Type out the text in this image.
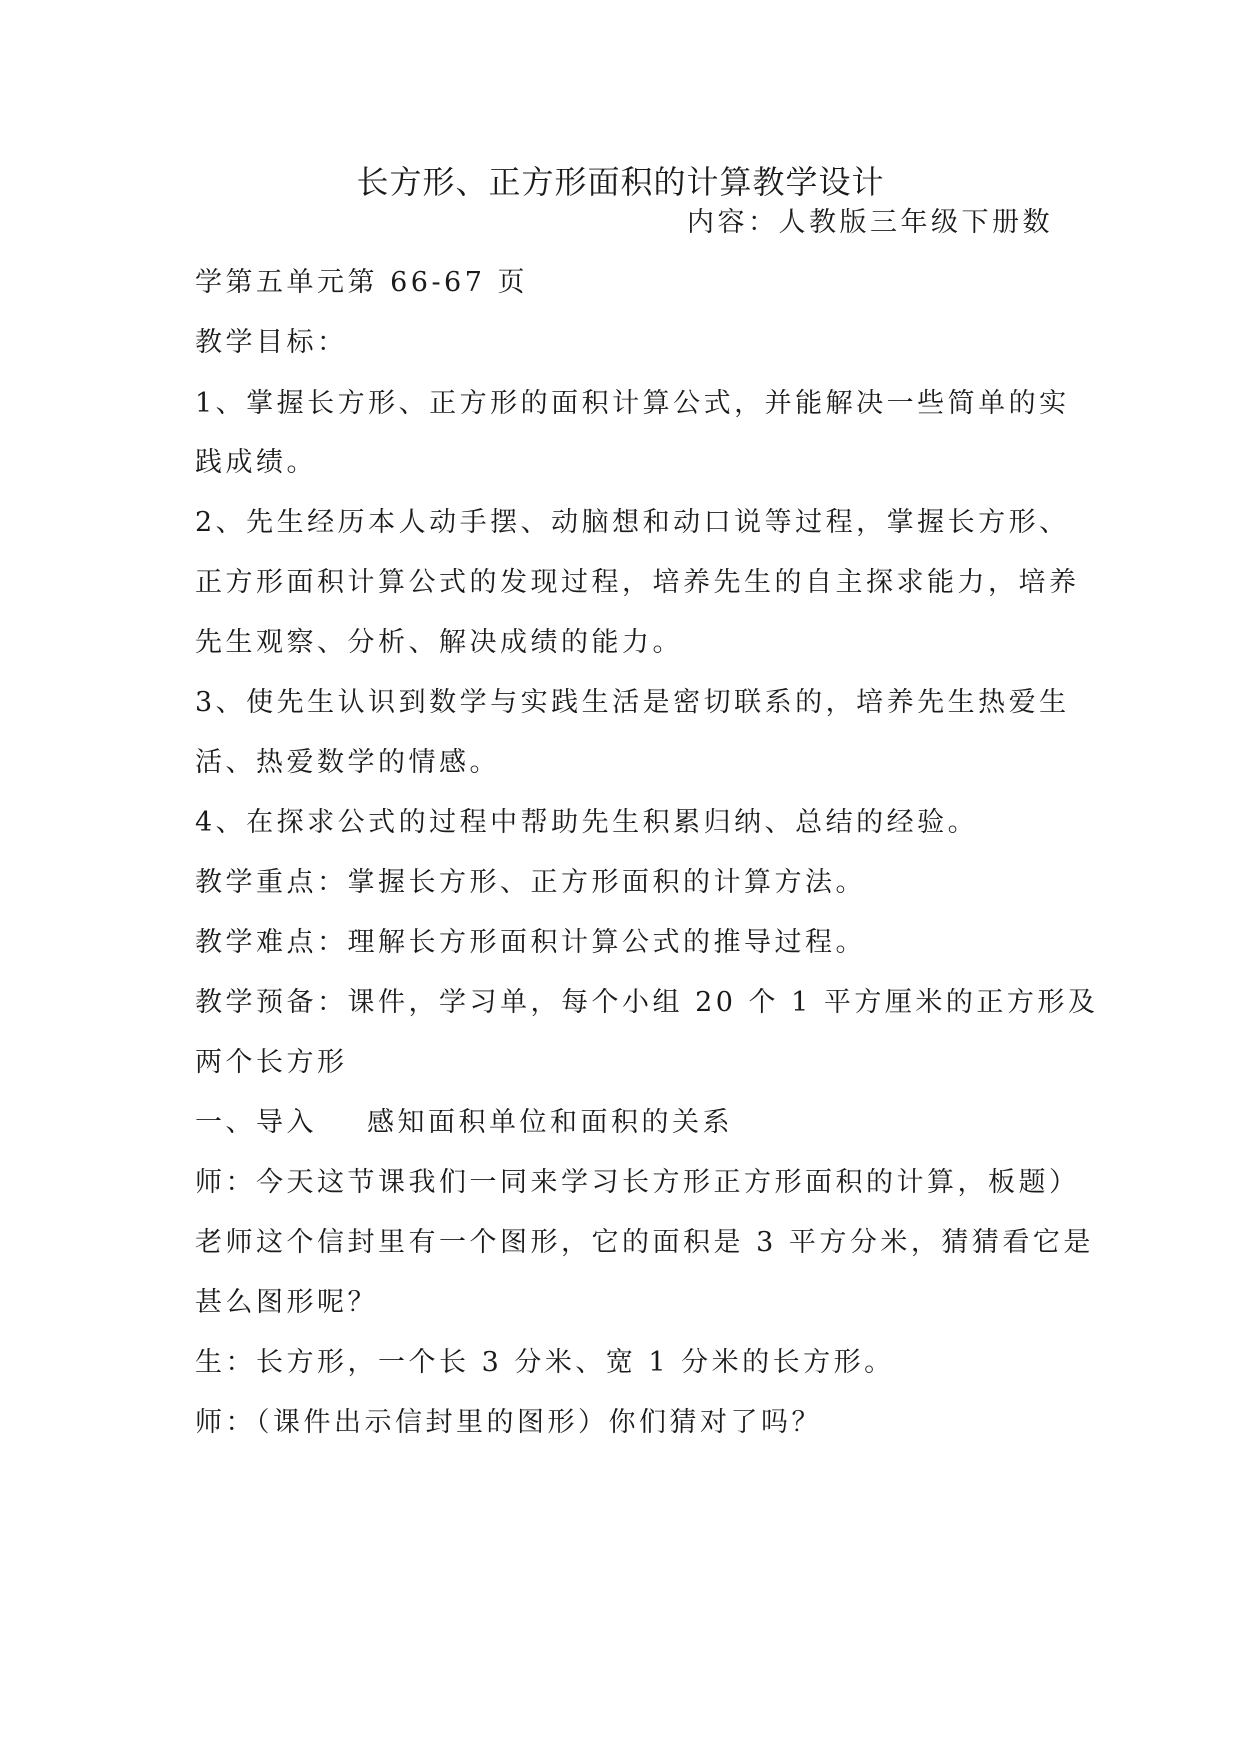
长方形、正方形面积的计算教学设计
内容：人教版三年级下册数
学第五单元第 66-67 页
教学目标：
1、掌握长方形、正方形的面积计算公式，并能解决一些简单的实
践成绩。
2、先生经历本人动手摆、动脑想和动口说等过程，掌握长方形、
正方形面积计算公式的发现过程，培养先生的自主探求能力，培养
先生观察、分析、解决成绩的能力。
3、使先生认识到数学与实践生活是密切联系的，培养先生热爱生
活、热爱数学的情感。
4、在探求公式的过程中帮助先生积累归纳、总结的经验。
教学重点：掌握长方形、正方形面积的计算方法。
教学难点：理解长方形面积计算公式的推导过程。
教学预备：课件，学习单，每个小组 20 个 1 平方厘米的正方形及
两个长方形
一、导入 感知面积单位和面积的关系
师：今天这节课我们一同来学习长方形正方形面积的计算，板题）
老师这个信封里有一个图形，它的面积是 3 平方分米，猜猜看它是
甚么图形呢？
生：长方形，一个长 3 分米、宽 1 分米的长方形。
师：（课件出示信封里的图形）你们猜对了吗？
